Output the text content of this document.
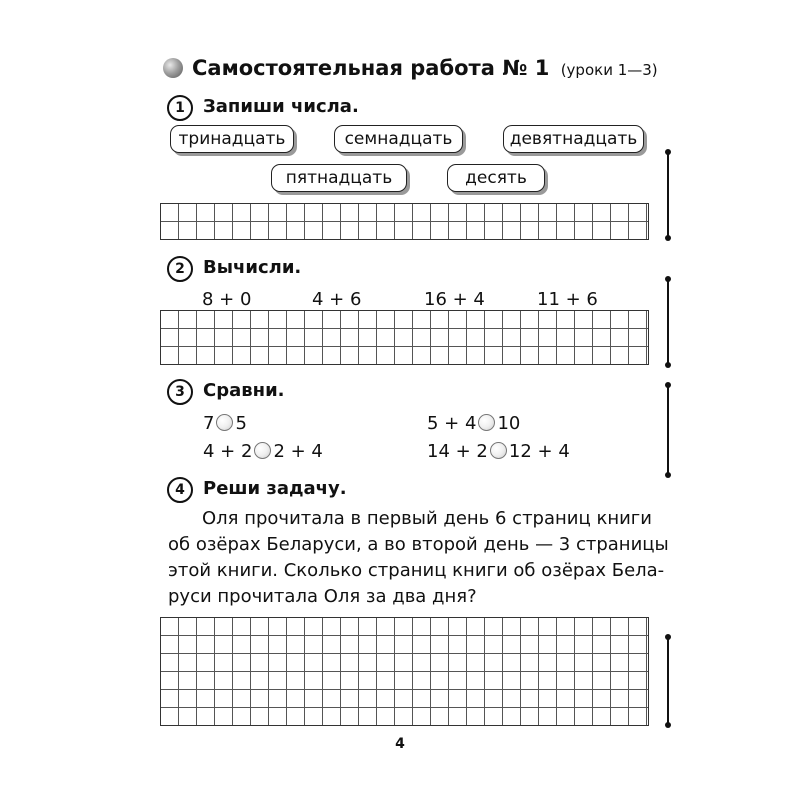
Самостоятельная работа № 1 (уроки 1—3)
1	Запиши числа.
тринадцать	семнадцать	девятнадцать
пятнадцать	десять
2	Вычисли.
8 + 0	4 + 6	16 + 4	11 + 6
3	Сравни.
7 5	5 + 4 10
4 + 2 2 + 4	14 + 2 12 + 4
4	Реши задачу.

Оля прочитала в первый день 6 страниц книги

об озёрах Беларуси, а во второй день — 3 страницы

этой книги. Сколько страниц книги об озёрах Бела-

руси прочитала Оля за два дня?

4
